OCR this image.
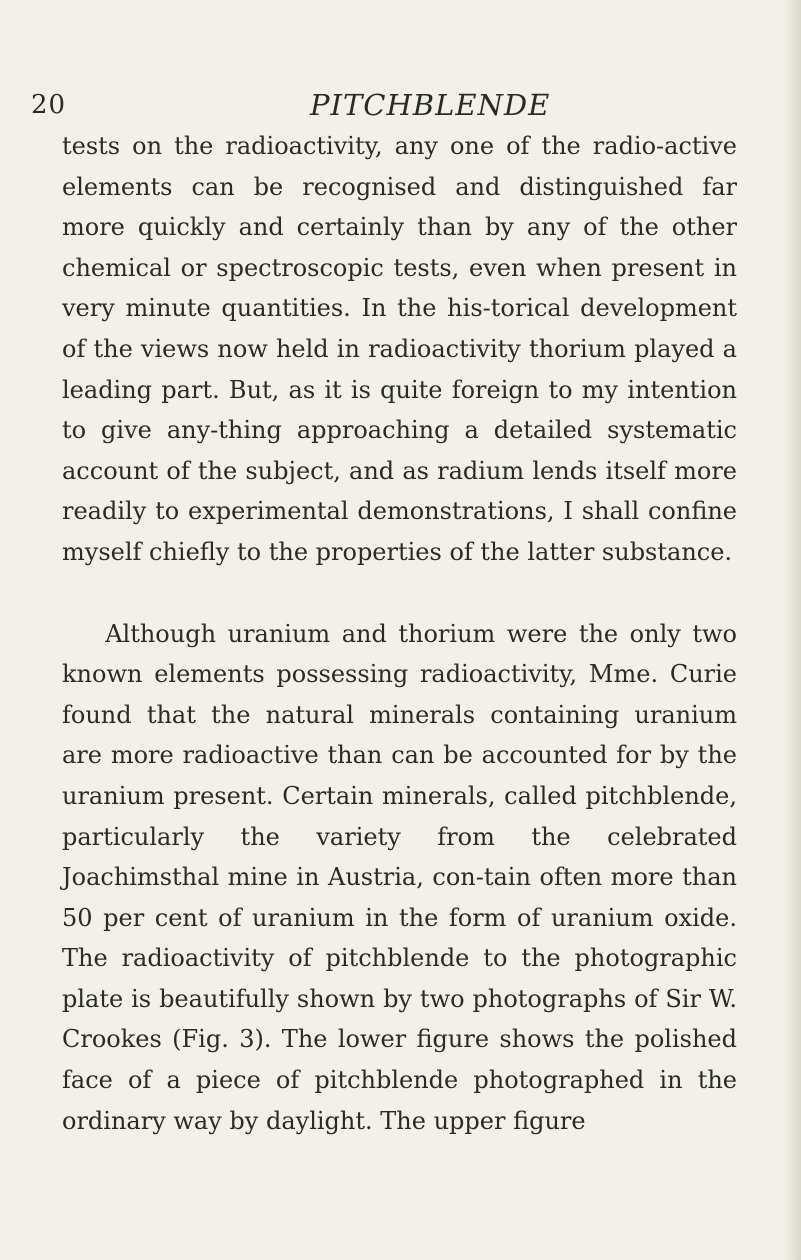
20	PITCHBLENDE

tests on the radioactivity, any one of the radio-active elements can be recognised and distinguished far more quickly and certainly than by any of the other chemical or spectroscopic tests, even when present in very minute quantities. In the his-torical development of the views now held in radioactivity thorium played a leading part. But, as it is quite foreign to my intention to give any-thing approaching a detailed systematic account of the subject, and as radium lends itself more readily to experimental demonstrations, I shall confine myself chiefly to the properties of the latter substance.

Although uranium and thorium were the only two known elements possessing radioactivity, Mme. Curie found that the natural minerals containing uranium are more radioactive than can be accounted for by the uranium present. Certain minerals, called pitchblende, particularly the variety from the celebrated Joachimsthal mine in Austria, con-tain often more than 50 per cent of uranium in the form of uranium oxide. The radioactivity of pitchblende to the photographic plate is beautifully shown by two photographs of Sir W. Crookes (Fig. 3). The lower figure shows the polished face of a piece of pitchblende photographed in the ordinary way by daylight. The upper figure
